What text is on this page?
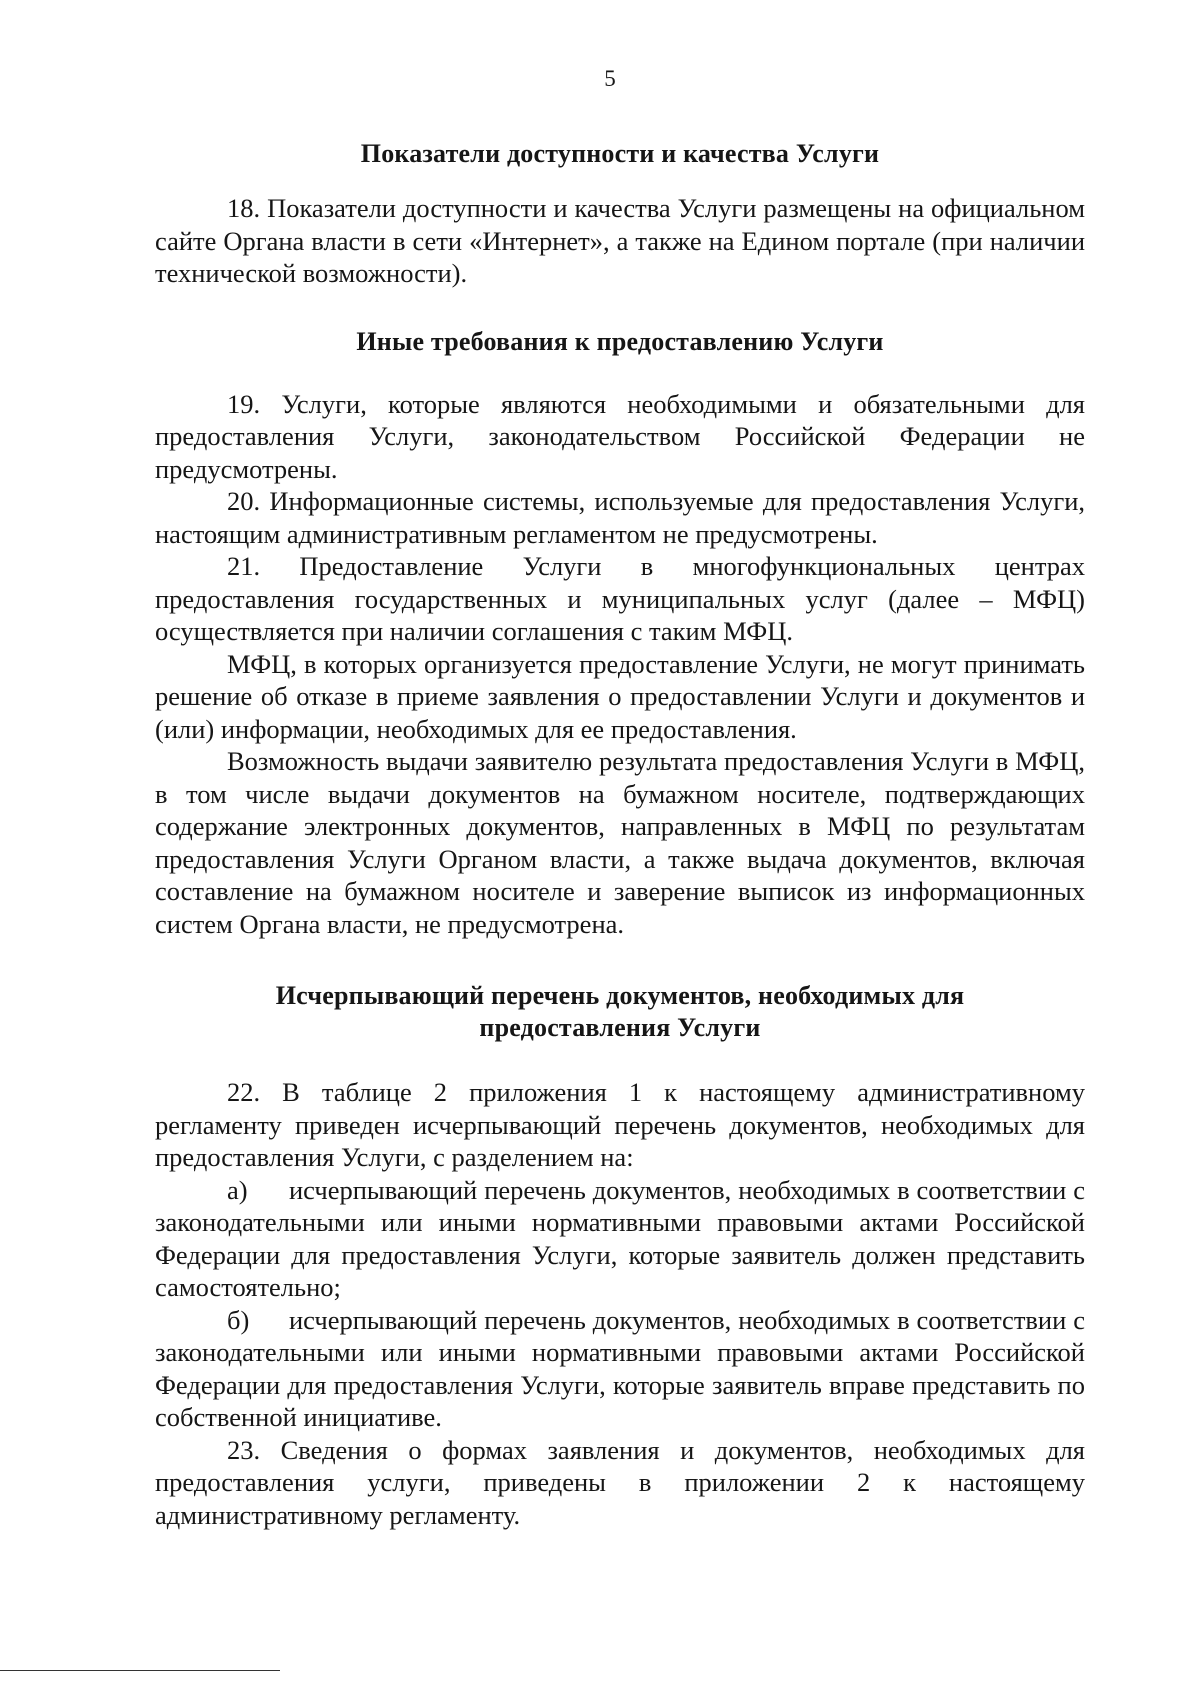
5
Показатели доступности и качества Услуги

18. Показатели доступности и качества Услуги размещены на официальном сайте Органа власти в сети «Интернет», а также на Едином портале (при наличии технической возможности).

Иные требования к предоставлению Услуги

19. Услуги, которые являются необходимыми и обязательными для предоставления Услуги, законодательством Российской Федерации не предусмотрены.

20. Информационные системы, используемые для предоставления Услуги, настоящим административным регламентом не предусмотрены.

21. Предоставление Услуги в многофункциональных центрах предоставления государственных и муниципальных услуг (далее – МФЦ) осуществляется при наличии соглашения с таким МФЦ.

МФЦ, в которых организуется предоставление Услуги, не могут принимать решение об отказе в приеме заявления о предоставлении Услуги и документов и (или) информации, необходимых для ее предоставления.

Возможность выдачи заявителю результата предоставления Услуги в МФЦ, в том числе выдачи документов на бумажном носителе, подтверждающих содержание электронных документов, направленных в МФЦ по результатам предоставления Услуги Органом власти, а также выдача документов, включая составление на бумажном носителе и заверение выписок из информационных систем Органа власти, не предусмотрена.

Исчерпывающий перечень документов, необходимых для
предоставления Услуги

22. В таблице 2 приложения 1 к настоящему административному регламенту приведен исчерпывающий перечень документов, необходимых для предоставления Услуги, с разделением на:

а) исчерпывающий перечень документов, необходимых в соответствии с законодательными или иными нормативными правовыми актами Российской Федерации для предоставления Услуги, которые заявитель должен представить самостоятельно;

б) исчерпывающий перечень документов, необходимых в соответствии с законодательными или иными нормативными правовыми актами Российской Федерации для предоставления Услуги, которые заявитель вправе представить по собственной инициативе.

23. Сведения о формах заявления и документов, необходимых для предоставления услуги, приведены в приложении 2 к настоящему административному регламенту.
